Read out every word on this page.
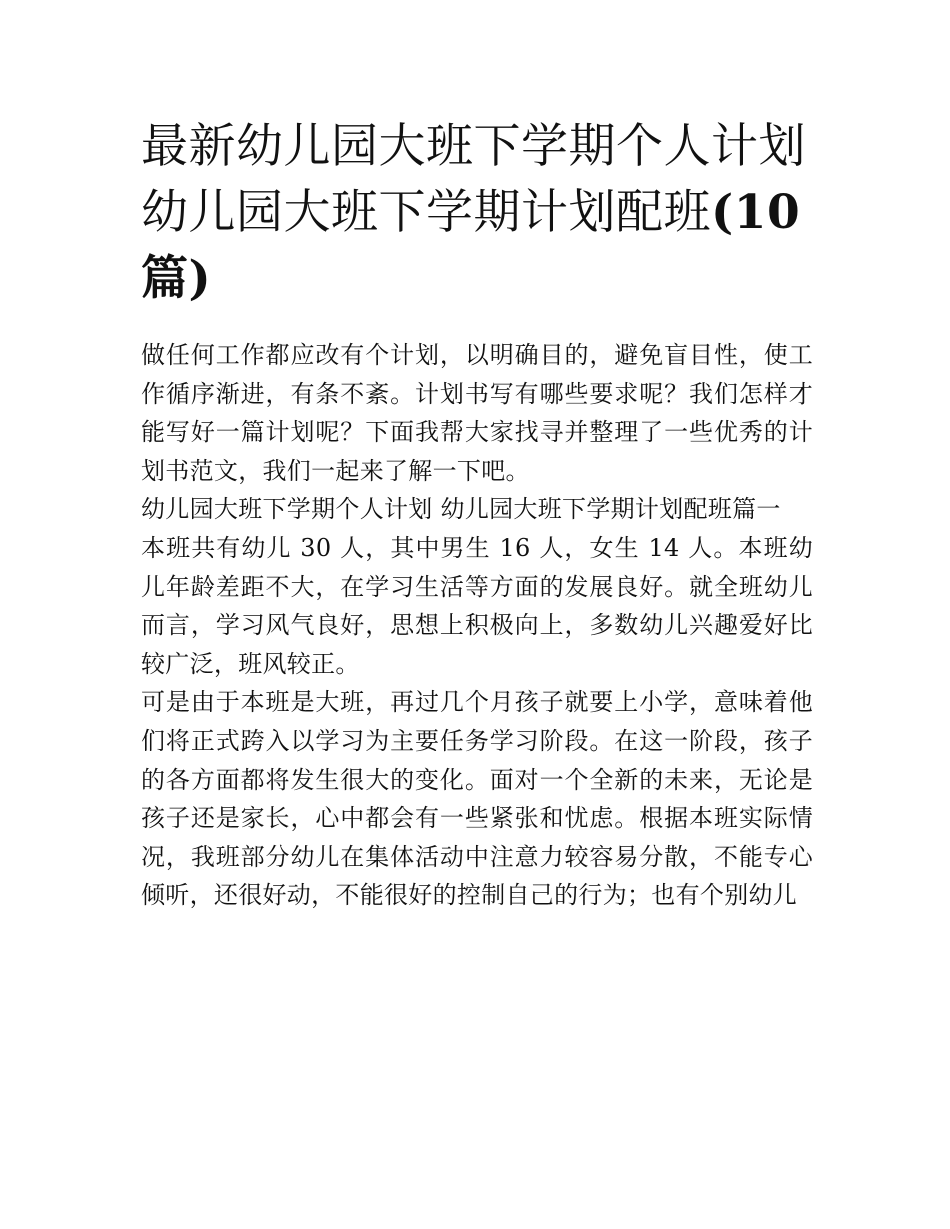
最新幼儿园大班下学期个人计划 幼儿园大班下学期计划配班(10 篇)

做任何工作都应改有个计划，以明确目的，避免盲目性，使工作循序渐进，有条不紊。计划书写有哪些要求呢？我们怎样才能写好一篇计划呢？下面我帮大家找寻并整理了一些优秀的计划书范文，我们一起来了解一下吧。

幼儿园大班下学期个人计划 幼儿园大班下学期计划配班篇一

本班共有幼儿 30 人，其中男生 16 人，女生 14 人。本班幼儿年龄差距不大，在学习生活等方面的发展良好。就全班幼儿而言，学习风气良好，思想上积极向上，多数幼儿兴趣爱好比较广泛，班风较正。

可是由于本班是大班，再过几个月孩子就要上小学，意味着他们将正式跨入以学习为主要任务学习阶段。在这一阶段，孩子的各方面都将发生很大的变化。面对一个全新的未来，无论是孩子还是家长，心中都会有一些紧张和忧虑。根据本班实际情况，我班部分幼儿在集体活动中注意力较容易分散，不能专心倾听，还很好动，不能很好的控制自己的行为；也有个别幼儿
